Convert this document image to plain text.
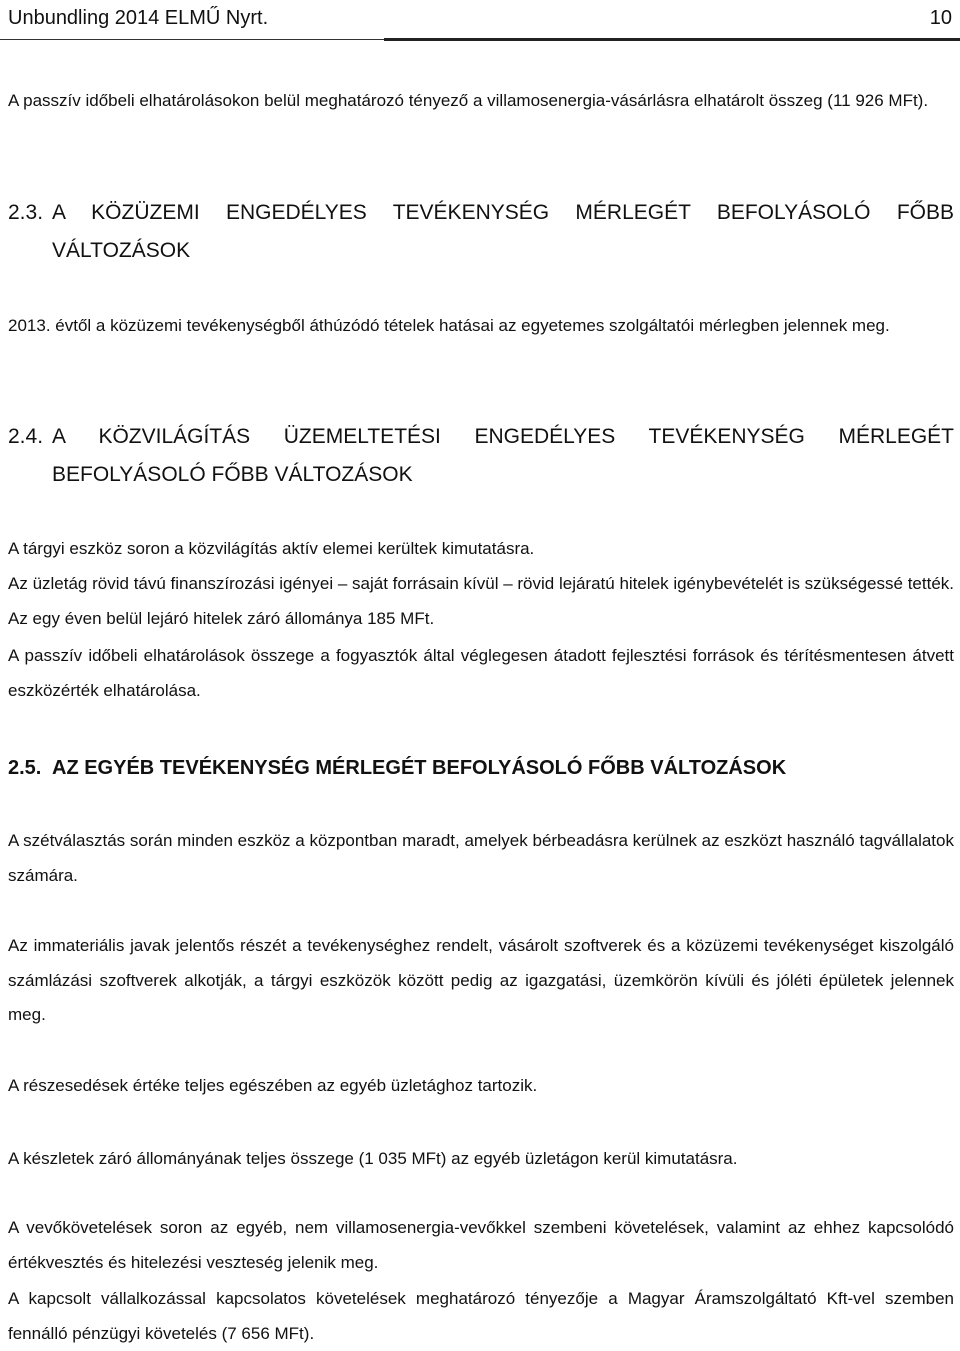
Unbundling 2014 ELMŰ Nyrt.	10

A passzív időbeli elhatárolásokon belül meghatározó tényező a villamosenergia-vásárlásra elhatárolt összeg (11 926 MFt).

2.3. A KÖZÜZEMI ENGEDÉLYES TEVÉKENYSÉG MÉRLEGÉT BEFOLYÁSOLÓ FŐBB VÁLTOZÁSOK

2013. évtől a közüzemi tevékenységből áthúzódó tételek hatásai az egyetemes szolgáltatói mérlegben jelennek meg.

2.4. A KÖZVILÁGÍTÁS ÜZEMELTETÉSI ENGEDÉLYES TEVÉKENYSÉG MÉRLEGÉT BEFOLYÁSOLÓ FŐBB VÁLTOZÁSOK

A tárgyi eszköz soron a közvilágítás aktív elemei kerültek kimutatásra.

Az üzletág rövid távú finanszírozási igényei – saját forrásain kívül – rövid lejáratú hitelek igénybevételét is szükségessé tették. Az egy éven belül lejáró hitelek záró állománya 185 MFt.

A passzív időbeli elhatárolások összege a fogyasztók által véglegesen átadott fejlesztési források és térítésmentesen átvett eszközérték elhatárolása.

2.5. AZ EGYÉB TEVÉKENYSÉG MÉRLEGÉT BEFOLYÁSOLÓ FŐBB VÁLTOZÁSOK

A szétválasztás során minden eszköz a központban maradt, amelyek bérbeadásra kerülnek az eszközt használó tagvállalatok számára.

Az immateriális javak jelentős részét a tevékenységhez rendelt, vásárolt szoftverek és a közüzemi tevékenységet kiszolgáló számlázási szoftverek alkotják, a tárgyi eszközök között pedig az igazgatási, üzemkörön kívüli és jóléti épületek jelennek meg.

A részesedések értéke teljes egészében az egyéb üzletághoz tartozik.

A készletek záró állományának teljes összege (1 035 MFt) az egyéb üzletágon kerül kimutatásra.

A vevőkövetelések soron az egyéb, nem villamosenergia-vevőkkel szembeni követelések, valamint az ehhez kapcsolódó értékvesztés és hitelezési veszteség jelenik meg.

A kapcsolt vállalkozással kapcsolatos követelések meghatározó tényezője a Magyar Áramszolgáltató Kft-vel szemben fennálló pénzügyi követelés (7 656 MFt).
